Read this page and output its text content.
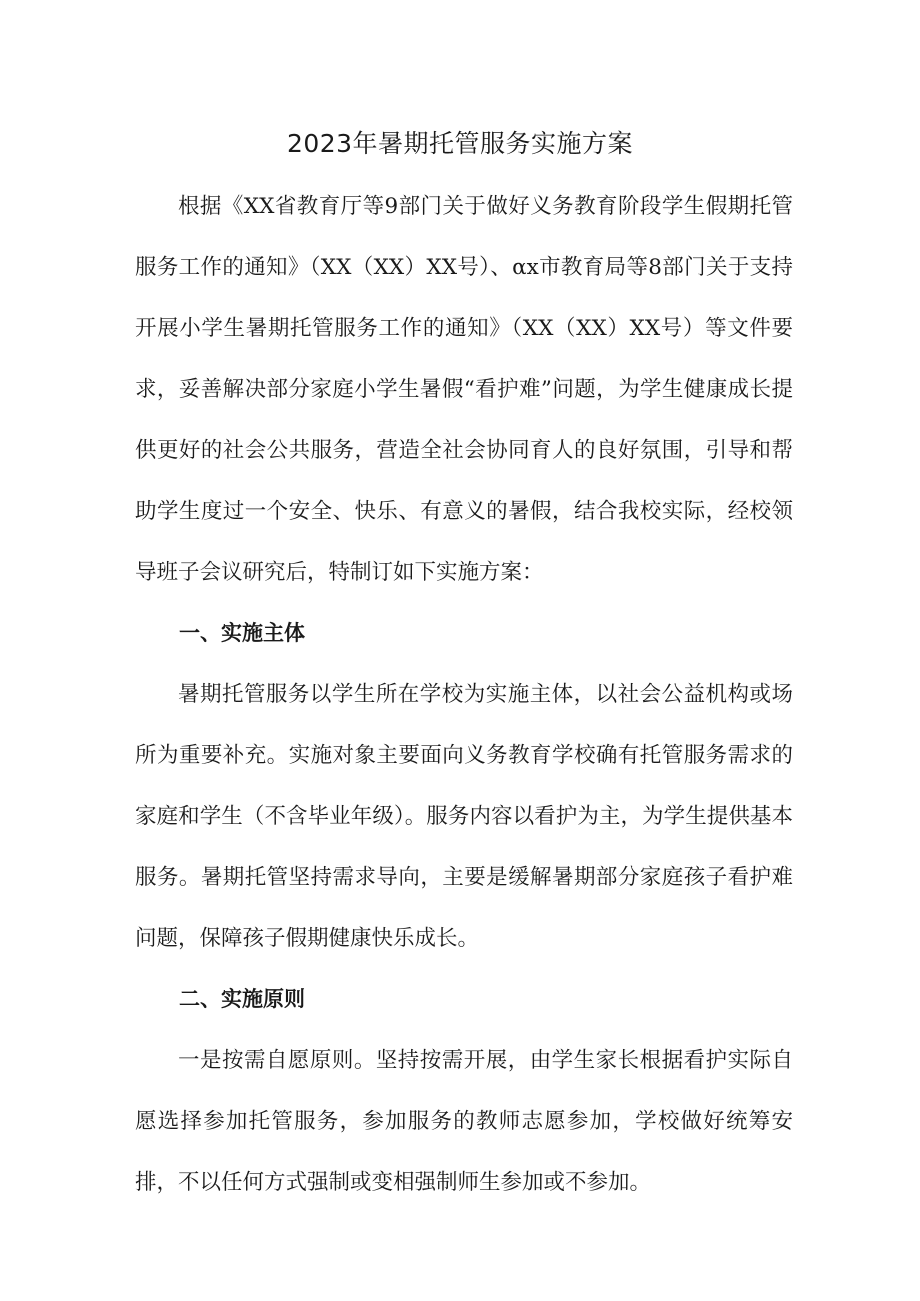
2023年暑期托管服务实施方案

根据《XX省教育厅等9部门关于做好义务教育阶段学生假期托管服务工作的通知》（XX（XX）XX号）、αx市教育局等8部门关于支持开展小学生暑期托管服务工作的通知》（XX（XX）XX号）等文件要求，妥善解决部分家庭小学生暑假“看护难”问题，为学生健康成长提供更好的社会公共服务，营造全社会协同育人的良好氛围，引导和帮助学生度过一个安全、快乐、有意义的暑假，结合我校实际，经校领导班子会议研究后，特制订如下实施方案：

一、实施主体

暑期托管服务以学生所在学校为实施主体，以社会公益机构或场所为重要补充。实施对象主要面向义务教育学校确有托管服务需求的家庭和学生（不含毕业年级）。服务内容以看护为主，为学生提供基本服务。暑期托管坚持需求导向，主要是缓解暑期部分家庭孩子看护难问题，保障孩子假期健康快乐成长。

二、实施原则

一是按需自愿原则。坚持按需开展，由学生家长根据看护实际自愿选择参加托管服务，参加服务的教师志愿参加，学校做好统筹安排，不以任何方式强制或变相强制师生参加或不参加。
